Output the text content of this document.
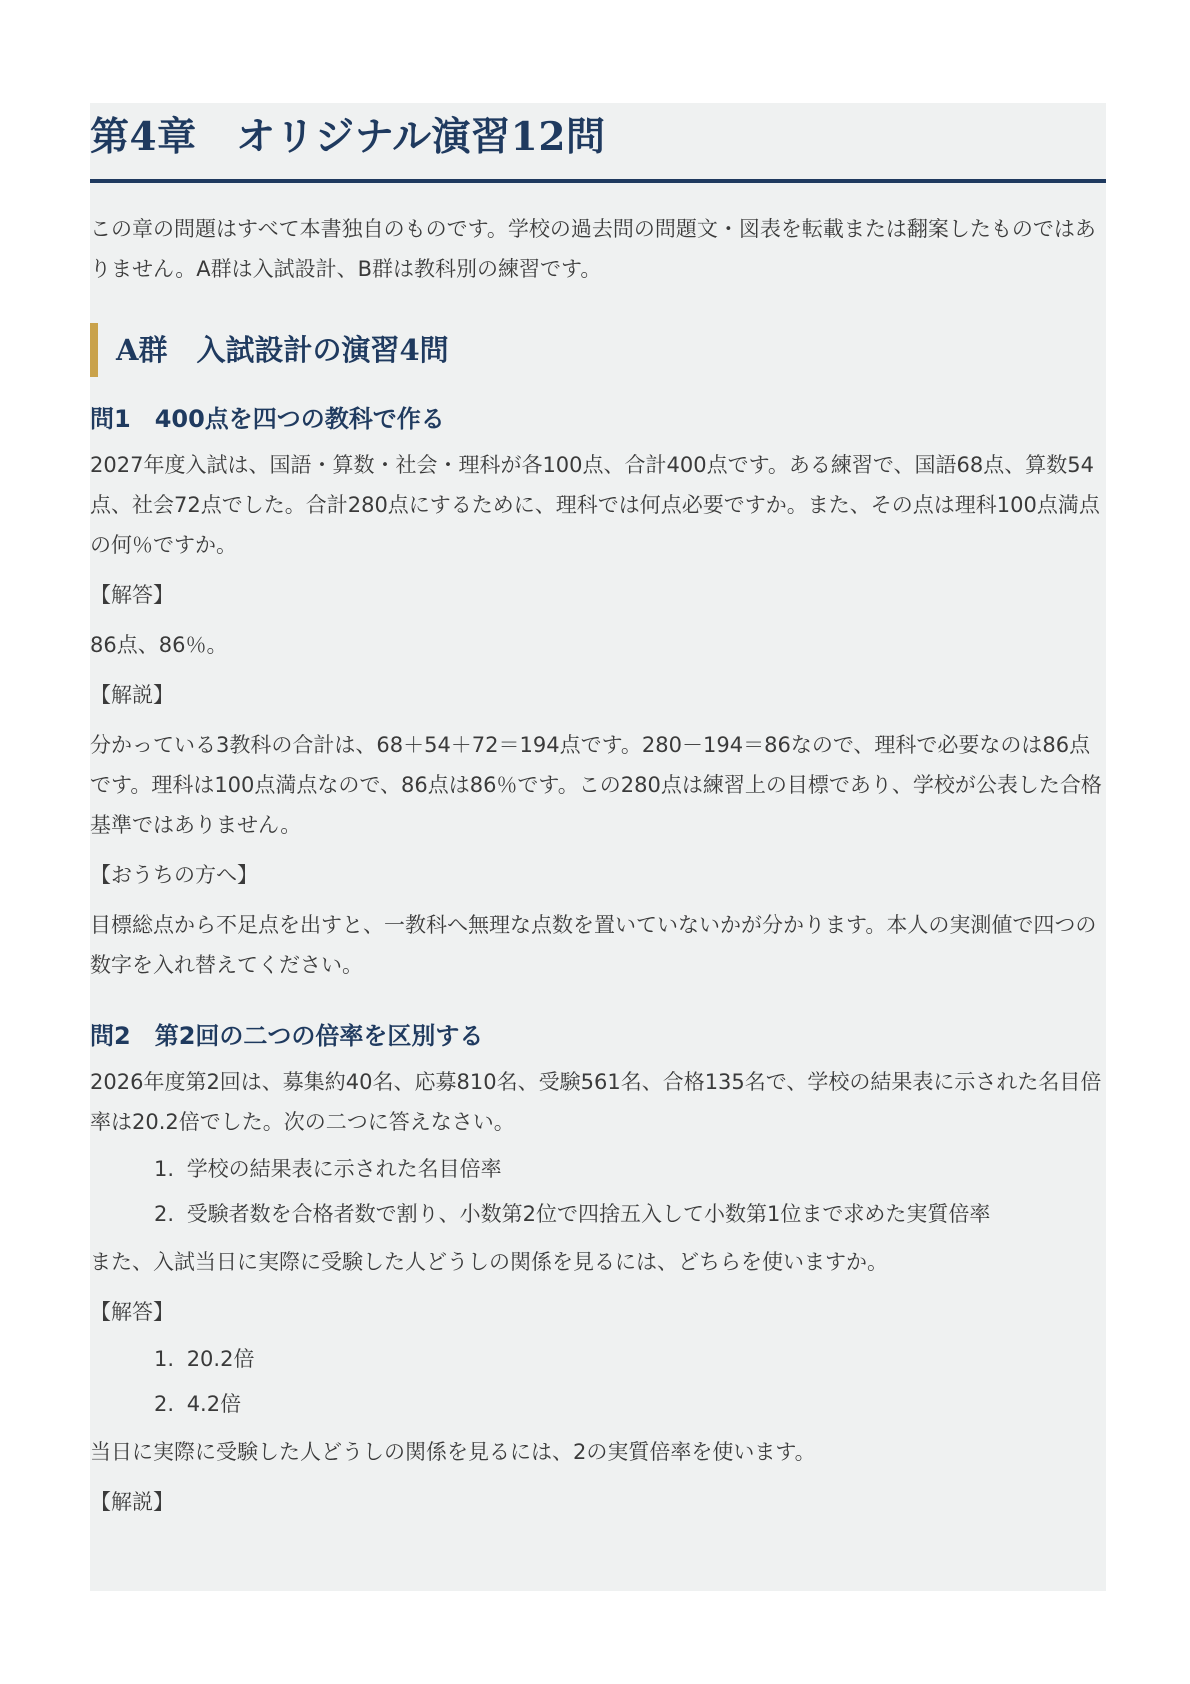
第4章　オリジナル演習12問

この章の問題はすべて本書独自のものです。学校の過去問の問題文・図表を転載または翻案したものではありません。A群は入試設計、B群は教科別の練習です。

A群　入試設計の演習4問
問1　400点を四つの教科で作る

2027年度入試は、国語・算数・社会・理科が各100点、合計400点です。ある練習で、国語68点、算数54点、社会72点でした。合計280点にするために、理科では何点必要ですか。また、その点は理科100点満点の何％ですか。

【解答】

86点、86％。

【解説】

分かっている3教科の合計は、68＋54＋72＝194点です。280－194＝86なので、理科で必要なのは86点です。理科は100点満点なので、86点は86％です。この280点は練習上の目標であり、学校が公表した合格基準ではありません。

【おうちの方へ】

目標総点から不足点を出すと、一教科へ無理な点数を置いていないかが分かります。本人の実測値で四つの数字を入れ替えてください。

問2　第2回の二つの倍率を区別する

2026年度第2回は、募集約40名、応募810名、受験561名、合格135名で、学校の結果表に示された名目倍率は20.2倍でした。次の二つに答えなさい。

1. 学校の結果表に示された名目倍率
2. 受験者数を合格者数で割り、小数第2位で四捨五入して小数第1位まで求めた実質倍率

また、入試当日に実際に受験した人どうしの関係を見るには、どちらを使いますか。

【解答】

1. 20.2倍
2. 4.2倍

当日に実際に受験した人どうしの関係を見るには、2の実質倍率を使います。

【解説】
